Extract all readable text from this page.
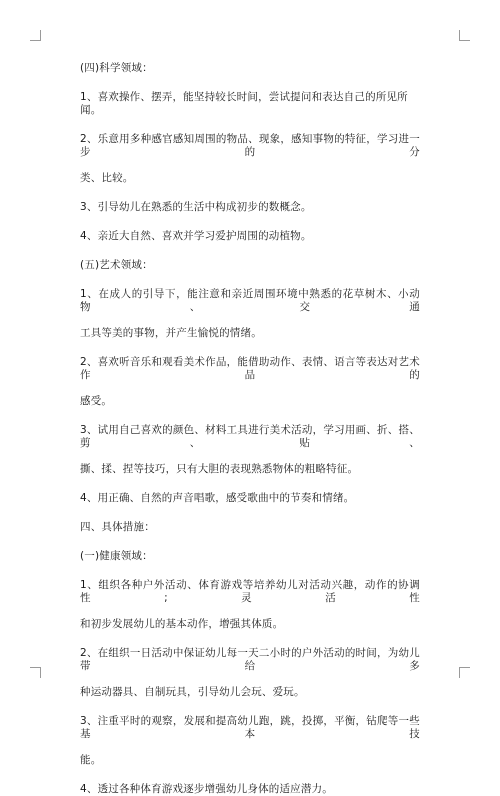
(四)科学领域：

1、喜欢操作、摆弄，能坚持较长时间，尝试提问和表达自己的所见所闻。

2、乐意用多种感官感知周围的物品、现象，感知事物的特征，学习进一步的分

类、比较。

3、引导幼儿在熟悉的生活中构成初步的数概念。

4、亲近大自然、喜欢并学习爱护周围的动植物。

(五)艺术领域：

1、在成人的引导下，能注意和亲近周围环境中熟悉的花草树木、小动物、交通

工具等美的事物，并产生愉悦的情绪。

2、喜欢听音乐和观看美术作品，能借助动作、表情、语言等表达对艺术作品的

感受。

3、试用自己喜欢的颜色、材料工具进行美术活动，学习用画、折、搭、剪、贴、

撕、揉、捏等技巧，只有大胆的表现熟悉物体的粗略特征。

4、用正确、自然的声音唱歌，感受歌曲中的节奏和情绪。

四、具体措施：

(一)健康领域：

1、组织各种户外活动、体育游戏等培养幼儿对活动兴趣，动作的协调性;灵活性

和初步发展幼儿的基本动作，增强其体质。

2、在组织一日活动中保证幼儿每一天二小时的户外活动的时间，为幼儿带给多

种运动器具、自制玩具，引导幼儿会玩、爱玩。

3、注重平时的观察，发展和提高幼儿跑，跳，投掷，平衡，钻爬等一些基本技

能。

4、透过各种体育游戏逐步增强幼儿身体的适应潜力。
